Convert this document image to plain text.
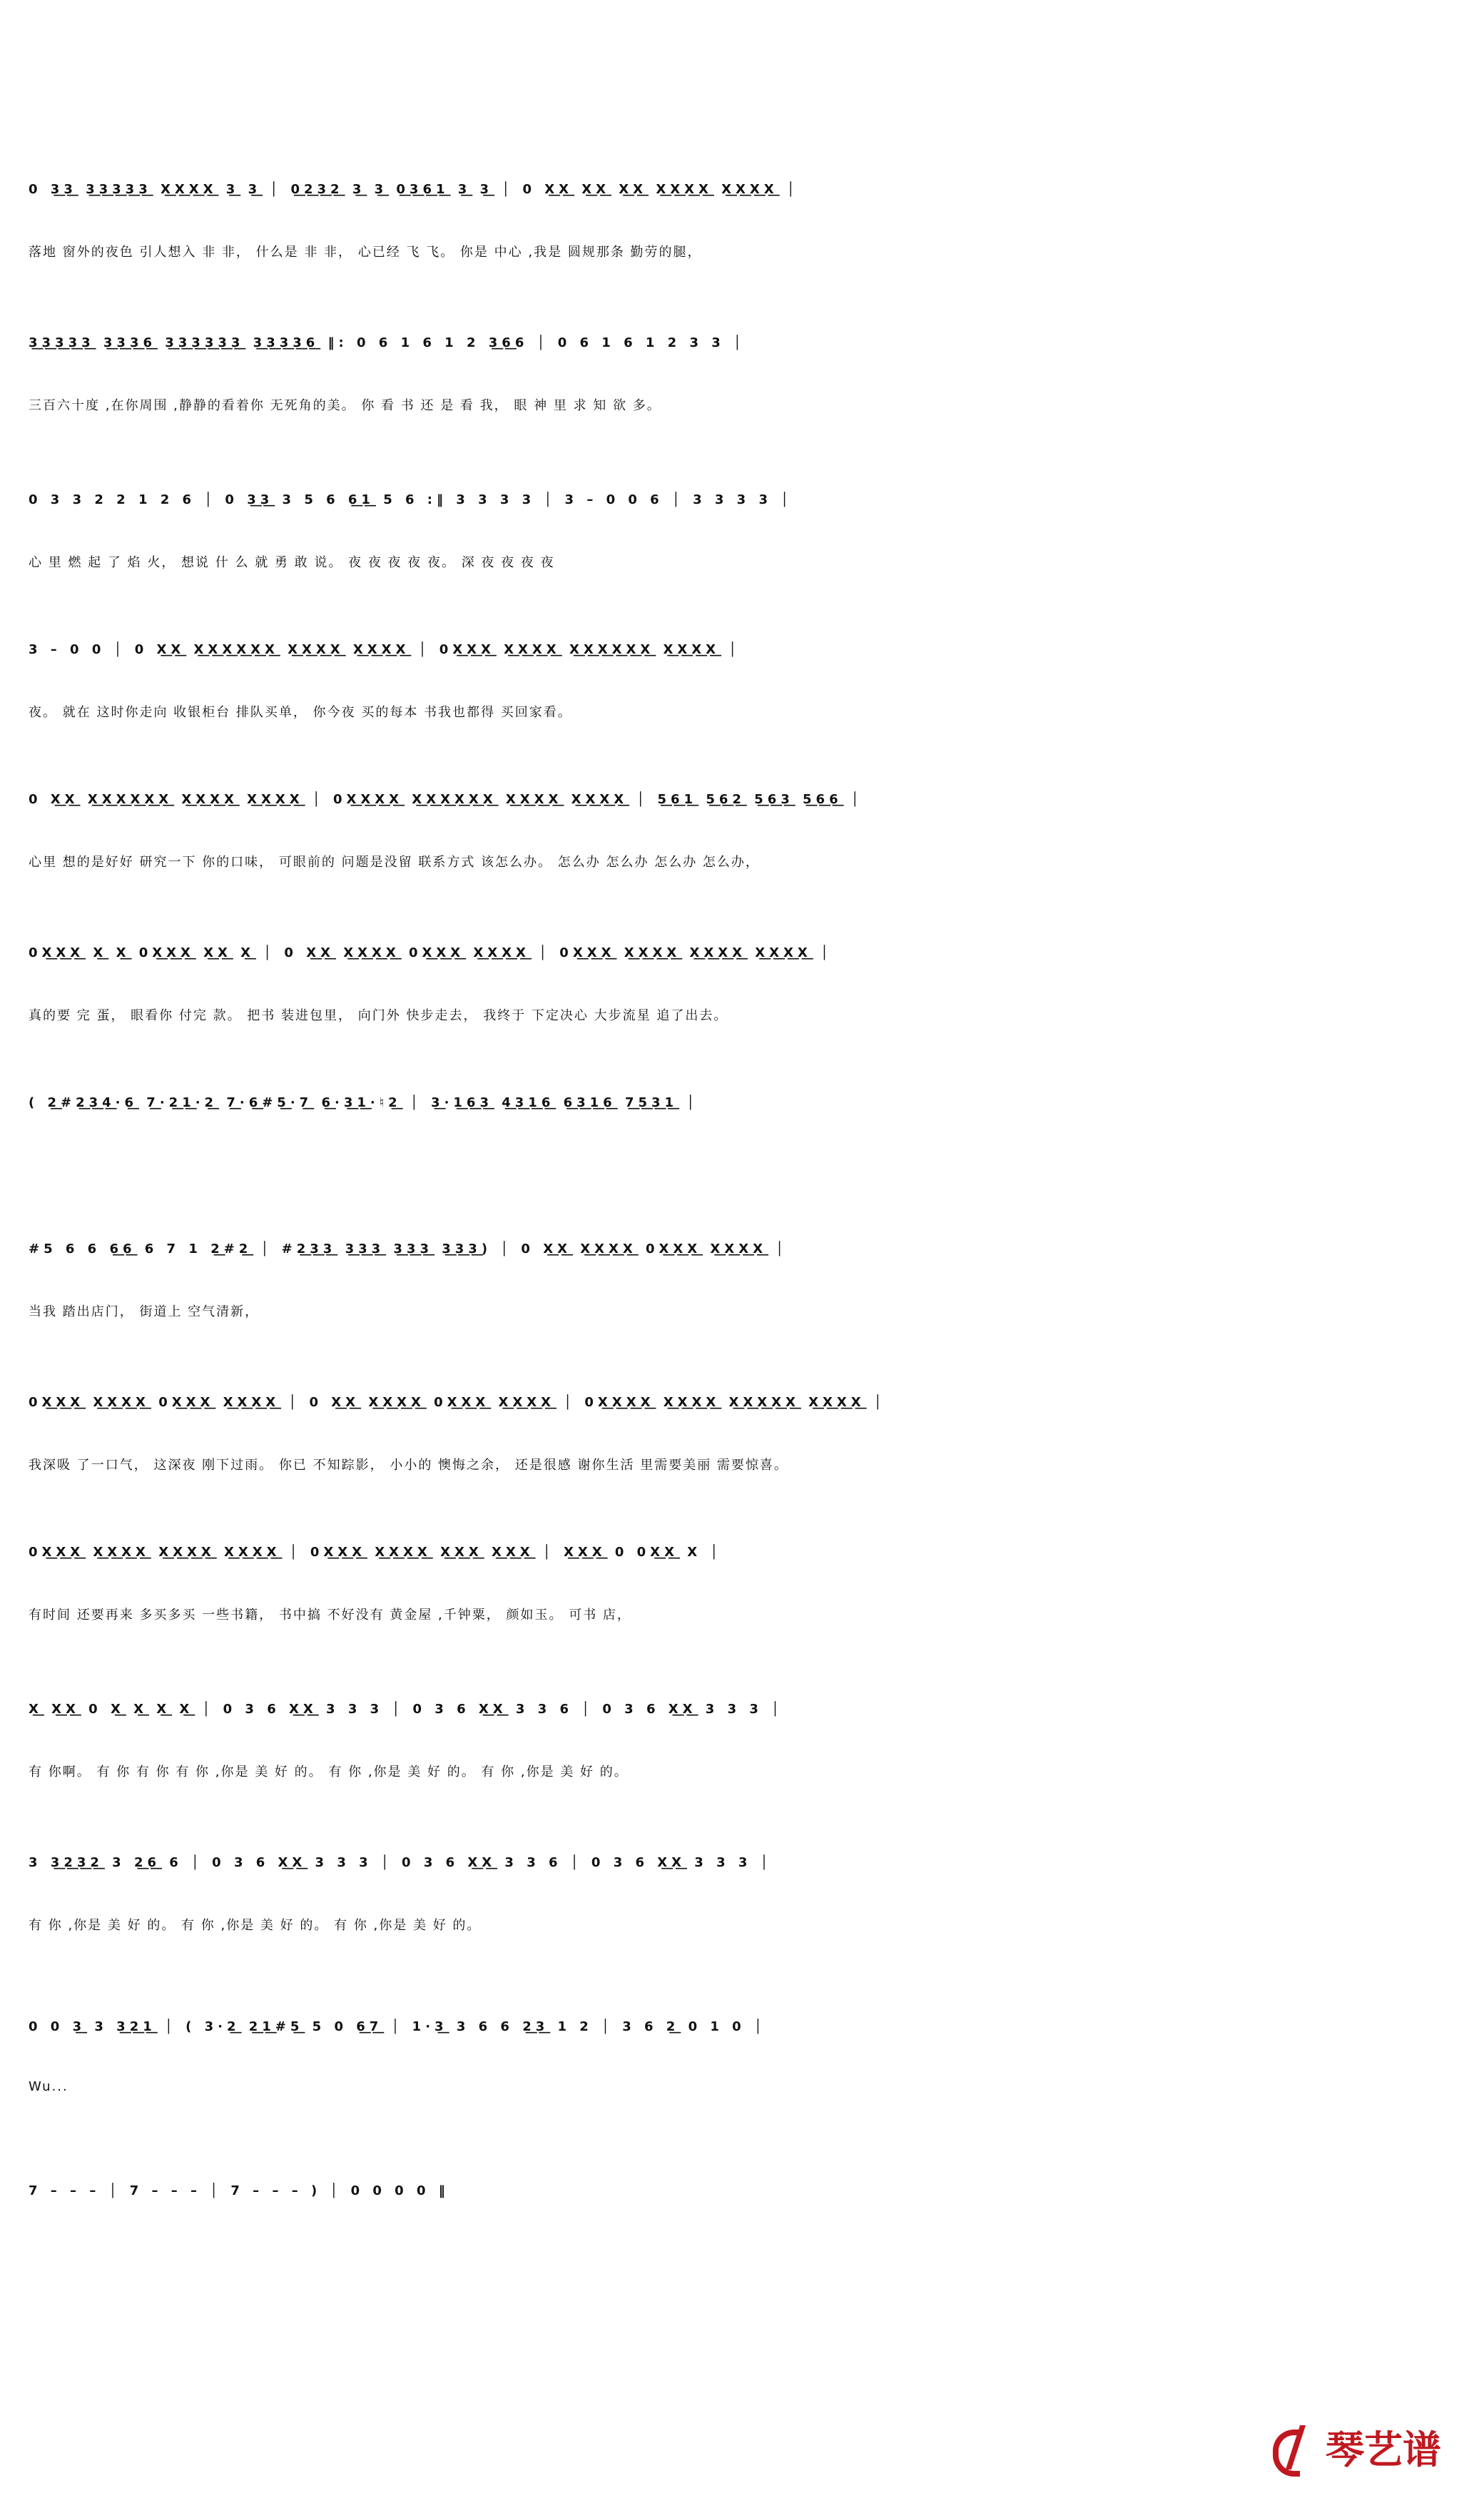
0 3͟3͟ 3͟3͟3͟3͟3͟ X͟X͟X͟X͟ 3͟ 3͟ │ 0͟2͟3͟2͟ 3͟ 3͟ 0͟3͟6͟1͟ 3͟ 3͟ │ 0 X͟X͟ X͟X͟ X͟X͟ X͟X͟X͟X͟ X͟X͟X͟X͟ │
落地 窗外的夜色 引人想入 非 非， 什么是 非 非， 心已经 飞 飞。 你是 中心 ,我是 圆规那条 勤劳的腿，
3͟3͟3͟3͟3͟ 3͟3͟3͟6͟ 3͟3͟3͟3͟3͟3͟ 3͟3͟3͟3͟6͟ ‖: 0 6 1 6 1 2 3͟6͟6 │ 0 6 1 6 1 2 3 3 │
三百六十度 ,在你周围 ,静静的看着你 无死角的美。 你 看 书 还 是 看 我， 眼 神 里 求 知 欲 多。
0 3 3 2 2 1 2 6 │ 0 3͟3͟ 3 5 6 6͟1͟ 5 6 :‖ 3 3 3 3 │ 3 – 0 0 6 │ 3 3 3 3 │
心 里 燃 起 了 焰 火， 想说 什 么 就 勇 敢 说。 夜 夜 夜 夜 夜。 深 夜 夜 夜 夜
3 – 0 0 │ 0 X͟X͟ X͟X͟X͟X͟X͟X͟ X͟X͟X͟X͟ X͟X͟X͟X͟ │ 0X͟X͟X͟ X͟X͟X͟X͟ X͟X͟X͟X͟X͟X͟ X͟X͟X͟X͟ │
夜。 就在 这时你走向 收银柜台 排队买单， 你今夜 买的每本 书我也都得 买回家看。
0 X͟X͟ X͟X͟X͟X͟X͟X͟ X͟X͟X͟X͟ X͟X͟X͟X͟ │ 0X͟X͟X͟X͟ X͟X͟X͟X͟X͟X͟ X͟X͟X͟X͟ X͟X͟X͟X͟ │ 5͟6͟1͟ 5͟6͟2͟ 5͟6͟3͟ 5͟6͟6͟ │
心里 想的是好好 研究一下 你的口味， 可眼前的 问题是没留 联系方式 该怎么办。 怎么办 怎么办 怎么办 怎么办，
0X͟X͟X͟ X͟ X͟ 0X͟X͟X͟ X͟X͟ X͟ │ 0 X͟X͟ X͟X͟X͟X͟ 0X͟X͟X͟ X͟X͟X͟X͟ │ 0X͟X͟X͟ X͟X͟X͟X͟ X͟X͟X͟X͟ X͟X͟X͟X͟ │
真的要 完 蛋， 眼看你 付完 款。 把书 装进包里， 向门外 快步走去， 我终于 下定决心 大步流星 追了出去。
( 2͟#2͟3͟4͟·6͟ 7͟·2͟1͟·2͟ 7͟·6͟#5͟·7͟ 6͟·3͟1͟·♮2͟ │ 3͟·1͟6͟3͟ 4͟3͟1͟6͟ 6͟3͟1͟6͟ 7͟5͟3͟1͟ │
#5 6 6 6͟6͟ 6 7 1 2͟#2͟ │ #2͟3͟3͟ 3͟3͟3͟ 3͟3͟3͟ 3͟3͟3͟) │ 0 X͟X͟ X͟X͟X͟X͟ 0X͟X͟X͟ X͟X͟X͟X͟ │
当我 踏出店门， 街道上 空气清新，
0X͟X͟X͟ X͟X͟X͟X͟ 0X͟X͟X͟ X͟X͟X͟X͟ │ 0 X͟X͟ X͟X͟X͟X͟ 0X͟X͟X͟ X͟X͟X͟X͟ │ 0X͟X͟X͟X͟ X͟X͟X͟X͟ X͟X͟X͟X͟X͟ X͟X͟X͟X͟ │
我深吸 了一口气， 这深夜 刚下过雨。 你已 不知踪影， 小小的 懊悔之余， 还是很感 谢你生活 里需要美丽 需要惊喜。
0X͟X͟X͟ X͟X͟X͟X͟ X͟X͟X͟X͟ X͟X͟X͟X͟ │ 0X͟X͟X͟ X͟X͟X͟X͟ X͟X͟X͟ X͟X͟X͟ │ X͟X͟X͟ 0 0X͟X͟ X │
有时间 还要再来 多买多买 一些书籍， 书中搞 不好没有 黄金屋 ,千钟粟， 颜如玉。 可书 店，
X͟ X͟X͟ 0 X͟ X͟ X͟ X͟ │ 0 3 6 X͟X͟ 3 3 3 │ 0 3 6 X͟X͟ 3 3 6 │ 0 3 6 X͟X͟ 3 3 3 │
有 你啊。 有 你 有 你 有 你 ,你是 美 好 的。 有 你 ,你是 美 好 的。 有 你 ,你是 美 好 的。
3 3͟2͟3͟2͟ 3 2͟6͟ 6 │ 0 3 6 X͟X͟ 3 3 3 │ 0 3 6 X͟X͟ 3 3 6 │ 0 3 6 X͟X͟ 3 3 3 │
有 你 ,你是 美 好 的。 有 你 ,你是 美 好 的。 有 你 ,你是 美 好 的。
0 0 3͟ 3 3͟2͟1͟ │ ( 3·2͟ 2͟1͟#5͟ 5 0 6͟7͟ │ 1·3͟ 3 6 6 2͟3͟ 1 2 │ 3 6 2͟ 0 1 0 │
Wu...
7 – – – │ 7 – – – │ 7 – – – ) │ 0 0 0 0 ‖
琴艺谱
